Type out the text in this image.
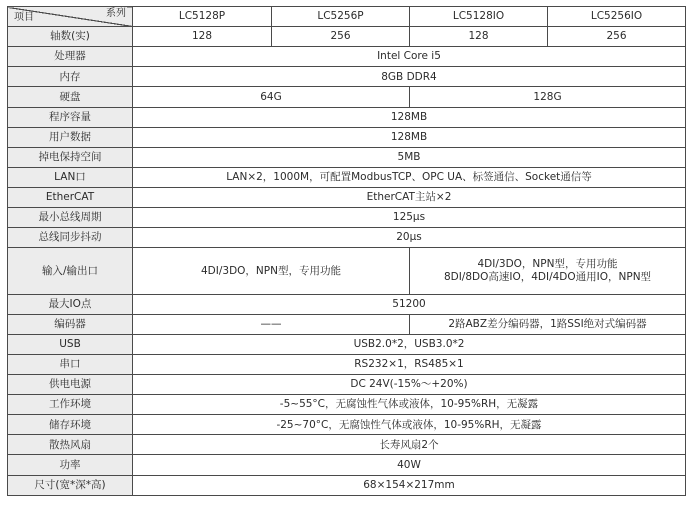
项目 系列	LC5128P	LC5256P	LC5128IO	LC5256IO
轴数(实)	128	256	128	256
处理器	Intel Core i5			
内存	8GB DDR4			
硬盘	64G		128G	
程序容量	128MB			
用户数据	128MB			
掉电保持空间	5MB			
LAN口	LAN×2，1000M，可配置ModbusTCP、OPC UA、标签通信、Socket通信等			
EtherCAT	EtherCAT主站×2			
最小总线周期	125μs			
总线同步抖动	20μs			
输入/输出口	4DI/3DO，NPN型，专用功能		4DI/3DO，NPN型，专用功能
8DI/8DO高速IO，4DI/4DO通用IO，NPN型	

最大IO点	51200			
编码器	——		2路ABZ差分编码器，1路SSI绝对式编码器	
USB	USB2.0*2，USB3.0*2			
串口	RS232×1，RS485×1			
供电电源	DC 24V(-15%～+20%)			
工作环境	-5~55°C，无腐蚀性气体或液体，10-95%RH，无凝露			
储存环境	-25~70°C，无腐蚀性气体或液体，10-95%RH，无凝露			
散热风扇	长寿风扇2个			
功率	40W			
尺寸(宽*深*高)	68×154×217mm			
